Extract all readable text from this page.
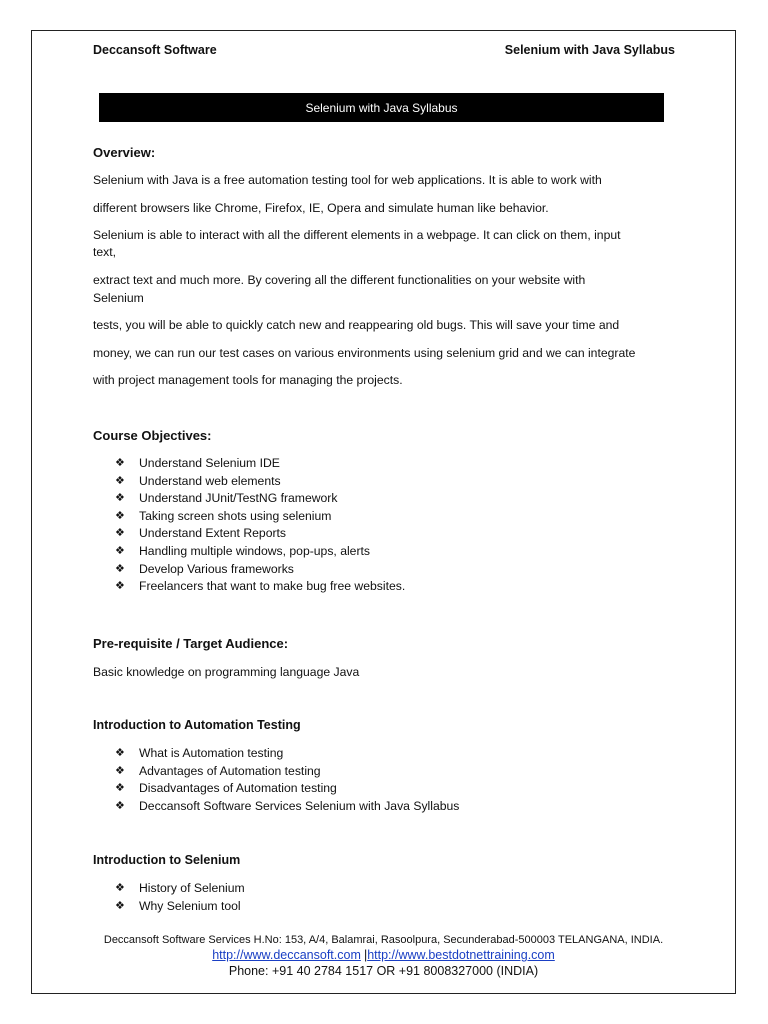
Deccansoft Software	Selenium with Java Syllabus
Selenium with Java Syllabus
Overview:
Selenium with Java is a free automation testing tool for web applications. It is able to work with
different browsers like Chrome, Firefox, IE, Opera and simulate human like behavior.
Selenium is able to interact with all the different elements in a webpage. It can click on them, input
text,
extract text and much more. By covering all the different functionalities on your website with
Selenium
tests, you will be able to quickly catch new and reappearing old bugs. This will save your time and
money, we can run our test cases on various environments using selenium grid and we can integrate
with project management tools for managing the projects.
Course Objectives:
❖	Understand Selenium IDE
❖	Understand web elements
❖	Understand JUnit/TestNG framework
❖	Taking screen shots using selenium
❖	Understand Extent Reports
❖	Handling multiple windows, pop-ups, alerts
❖	Develop Various frameworks
❖	Freelancers that want to make bug free websites.
Pre-requisite / Target Audience:
Basic knowledge on programming language Java
Introduction to Automation Testing
❖	What is Automation testing
❖	Advantages of Automation testing
❖	Disadvantages of Automation testing
❖	Deccansoft Software Services Selenium with Java Syllabus
Introduction to Selenium
❖	History of Selenium
❖	Why Selenium tool
Deccansoft Software Services H.No: 153, A/4, Balamrai, Rasoolpura, Secunderabad-500003 TELANGANA, INDIA.
http://www.deccansoft.com |http://www.bestdotnettraining.com
Phone: +91 40 2784 1517 OR +91 8008327000 (INDIA)
